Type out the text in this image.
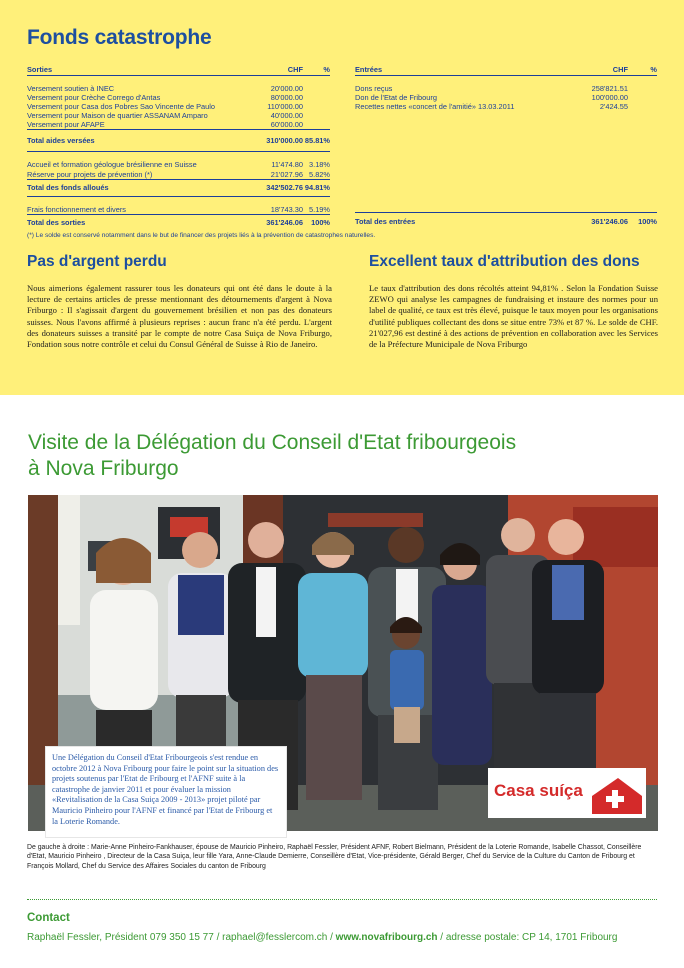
Fonds catastrophe
Sorties	CHF	%

Versement soutien à INEC	20'000.00	
Versement pour Crèche Corrego d'Antas	80'000.00	
Versement pour Casa dos Pobres Sao Vincente de Paulo	110'000.00	
Versement pour Maison de quartier ASSANAM Amparo	40'000.00	
Versement pour AFAPE	60'000.00	
Total aides versées	310'000.00	85.81%

Accueil et formation géologue brésilienne en Suisse	11'474.80	3.18%
Réserve pour projets de prévention (*)	21'027.96	5.82%
Total des fonds alloués	342'502.76	94.81%

Frais fonctionnement et divers	18'743.30	5.19%
Total des sorties	361'246.06	100%
Entrées	CHF	%

Dons reçus	258'821.51	
Don de l'Etat de Fribourg	100'000.00	
Recettes nettes «concert de l'amitié» 13.03.2011	2'424.55	

Total des entrées	361'246.06	100%
(*) Le solde est conservé notamment dans le but de financer des projets liés à la prévention de catastrophes naturelles.
Pas d'argent perdu
Nous aimerions également rassurer tous les donateurs qui ont été dans le doute à la lecture de certains articles de presse mentionnant des détournements d'argent à Nova Friburgo : Il s'agissait d'argent du gouvernement brésilien et non pas des donateurs suisses. Nous l'avons affirmé à plusieurs reprises : aucun franc n'a été perdu. L'argent des donateurs suisses a transité par le compte de notre Casa Suiça de Nova Friburgo, Fondation sous notre contrôle et celui du Consul Général de Suisse à Rio de Janeiro.
Excellent taux d'attribution des dons
Le taux d'attribution des dons récoltés atteint 94,81% . Selon la Fondation Suisse ZEWO qui analyse les campagnes de fundraising et instaure des normes pour un label de qualité, ce taux est très élevé, puisque le taux moyen pour les organisations d'utilité publiques collectant des dons se situe entre 73% et 87 %. Le solde de CHF. 21'027,96 est destiné à des actions de prévention en collaboration avec les Services de la Préfecture Municipale de Nova Friburgo
Visite de la Délégation du Conseil d'Etat fribourgeois
à Nova Friburgo
Une Délégation du Conseil d'Etat Fribourgeois s'est rendue en octobre 2012 à Nova Fribourg pour faire le point sur la situation des projets soutenus par l'Etat de Fribourg et l'AFNF suite à la catastrophe de janvier 2011 et pour évaluer la mission «Revitalisation de la Casa Suiça 2009 - 2013» projet piloté par Mauricio Pinheiro pour l'AFNF et financé par l'Etat de Fribourg et la Loterie Romande.
Casa suíça
De gauche à droite : Marie-Anne Pinheiro-Fankhauser, épouse de Mauricio Pinheiro, Raphaël Fessler, Président AFNF, Robert Bielmann, Président de la Loterie Romande, Isabelle Chassot, Conseillère d'Etat, Mauricio Pinheiro , Directeur de la Casa Suiça, leur fille Yara, Anne-Claude Demierre, Conseillère d'Etat, Vice-présidente, Gérald Berger, Chef du Service de la Culture du Canton de Fribourg et François Mollard, Chef du Service des Affaires Sociales du canton de Fribourg
Contact
Raphaël Fessler, Président 079 350 15 77 / raphael@fesslercom.ch / www.novafribourg.ch / adresse postale: CP 14, 1701 Fribourg
